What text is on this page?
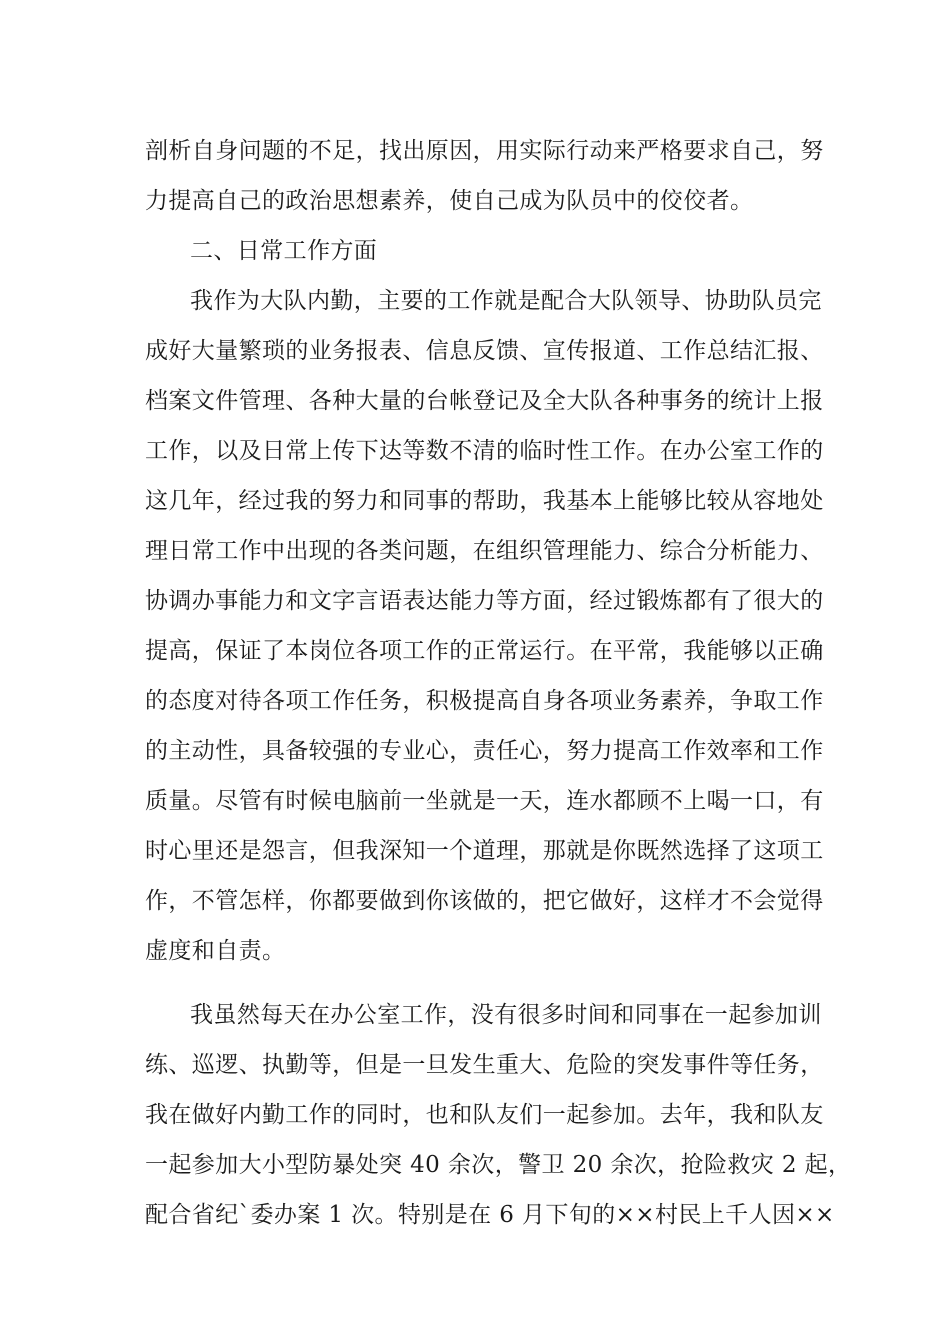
剖析自身问题的不足，找出原因，用实际行动来严格要求自己，努
力提高自己的政治思想素养，使自己成为队员中的佼佼者。
二、日常工作方面
我作为大队内勤，主要的工作就是配合大队领导、协助队员完
成好大量繁琐的业务报表、信息反馈、宣传报道、工作总结汇报、
档案文件管理、各种大量的台帐登记及全大队各种事务的统计上报
工作，以及日常上传下达等数不清的临时性工作。在办公室工作的
这几年，经过我的努力和同事的帮助，我基本上能够比较从容地处
理日常工作中出现的各类问题，在组织管理能力、综合分析能力、
协调办事能力和文字言语表达能力等方面，经过锻炼都有了很大的
提高，保证了本岗位各项工作的正常运行。在平常，我能够以正确
的态度对待各项工作任务，积极提高自身各项业务素养，争取工作
的主动性，具备较强的专业心，责任心，努力提高工作效率和工作
质量。尽管有时候电脑前一坐就是一天，连水都顾不上喝一口，有
时心里还是怨言，但我深知一个道理，那就是你既然选择了这项工
作，不管怎样，你都要做到你该做的，把它做好，这样才不会觉得
虚度和自责。
我虽然每天在办公室工作，没有很多时间和同事在一起参加训
练、巡逻、执勤等，但是一旦发生重大、危险的突发事件等任务，
我在做好内勤工作的同时，也和队友们一起参加。去年，我和队友
一起参加大小型防暴处突 40 余次，警卫 20 余次，抢险救灾 2 起，
配合省纪`委办案 1 次。特别是在 6 月下旬的××村民上千人因××
